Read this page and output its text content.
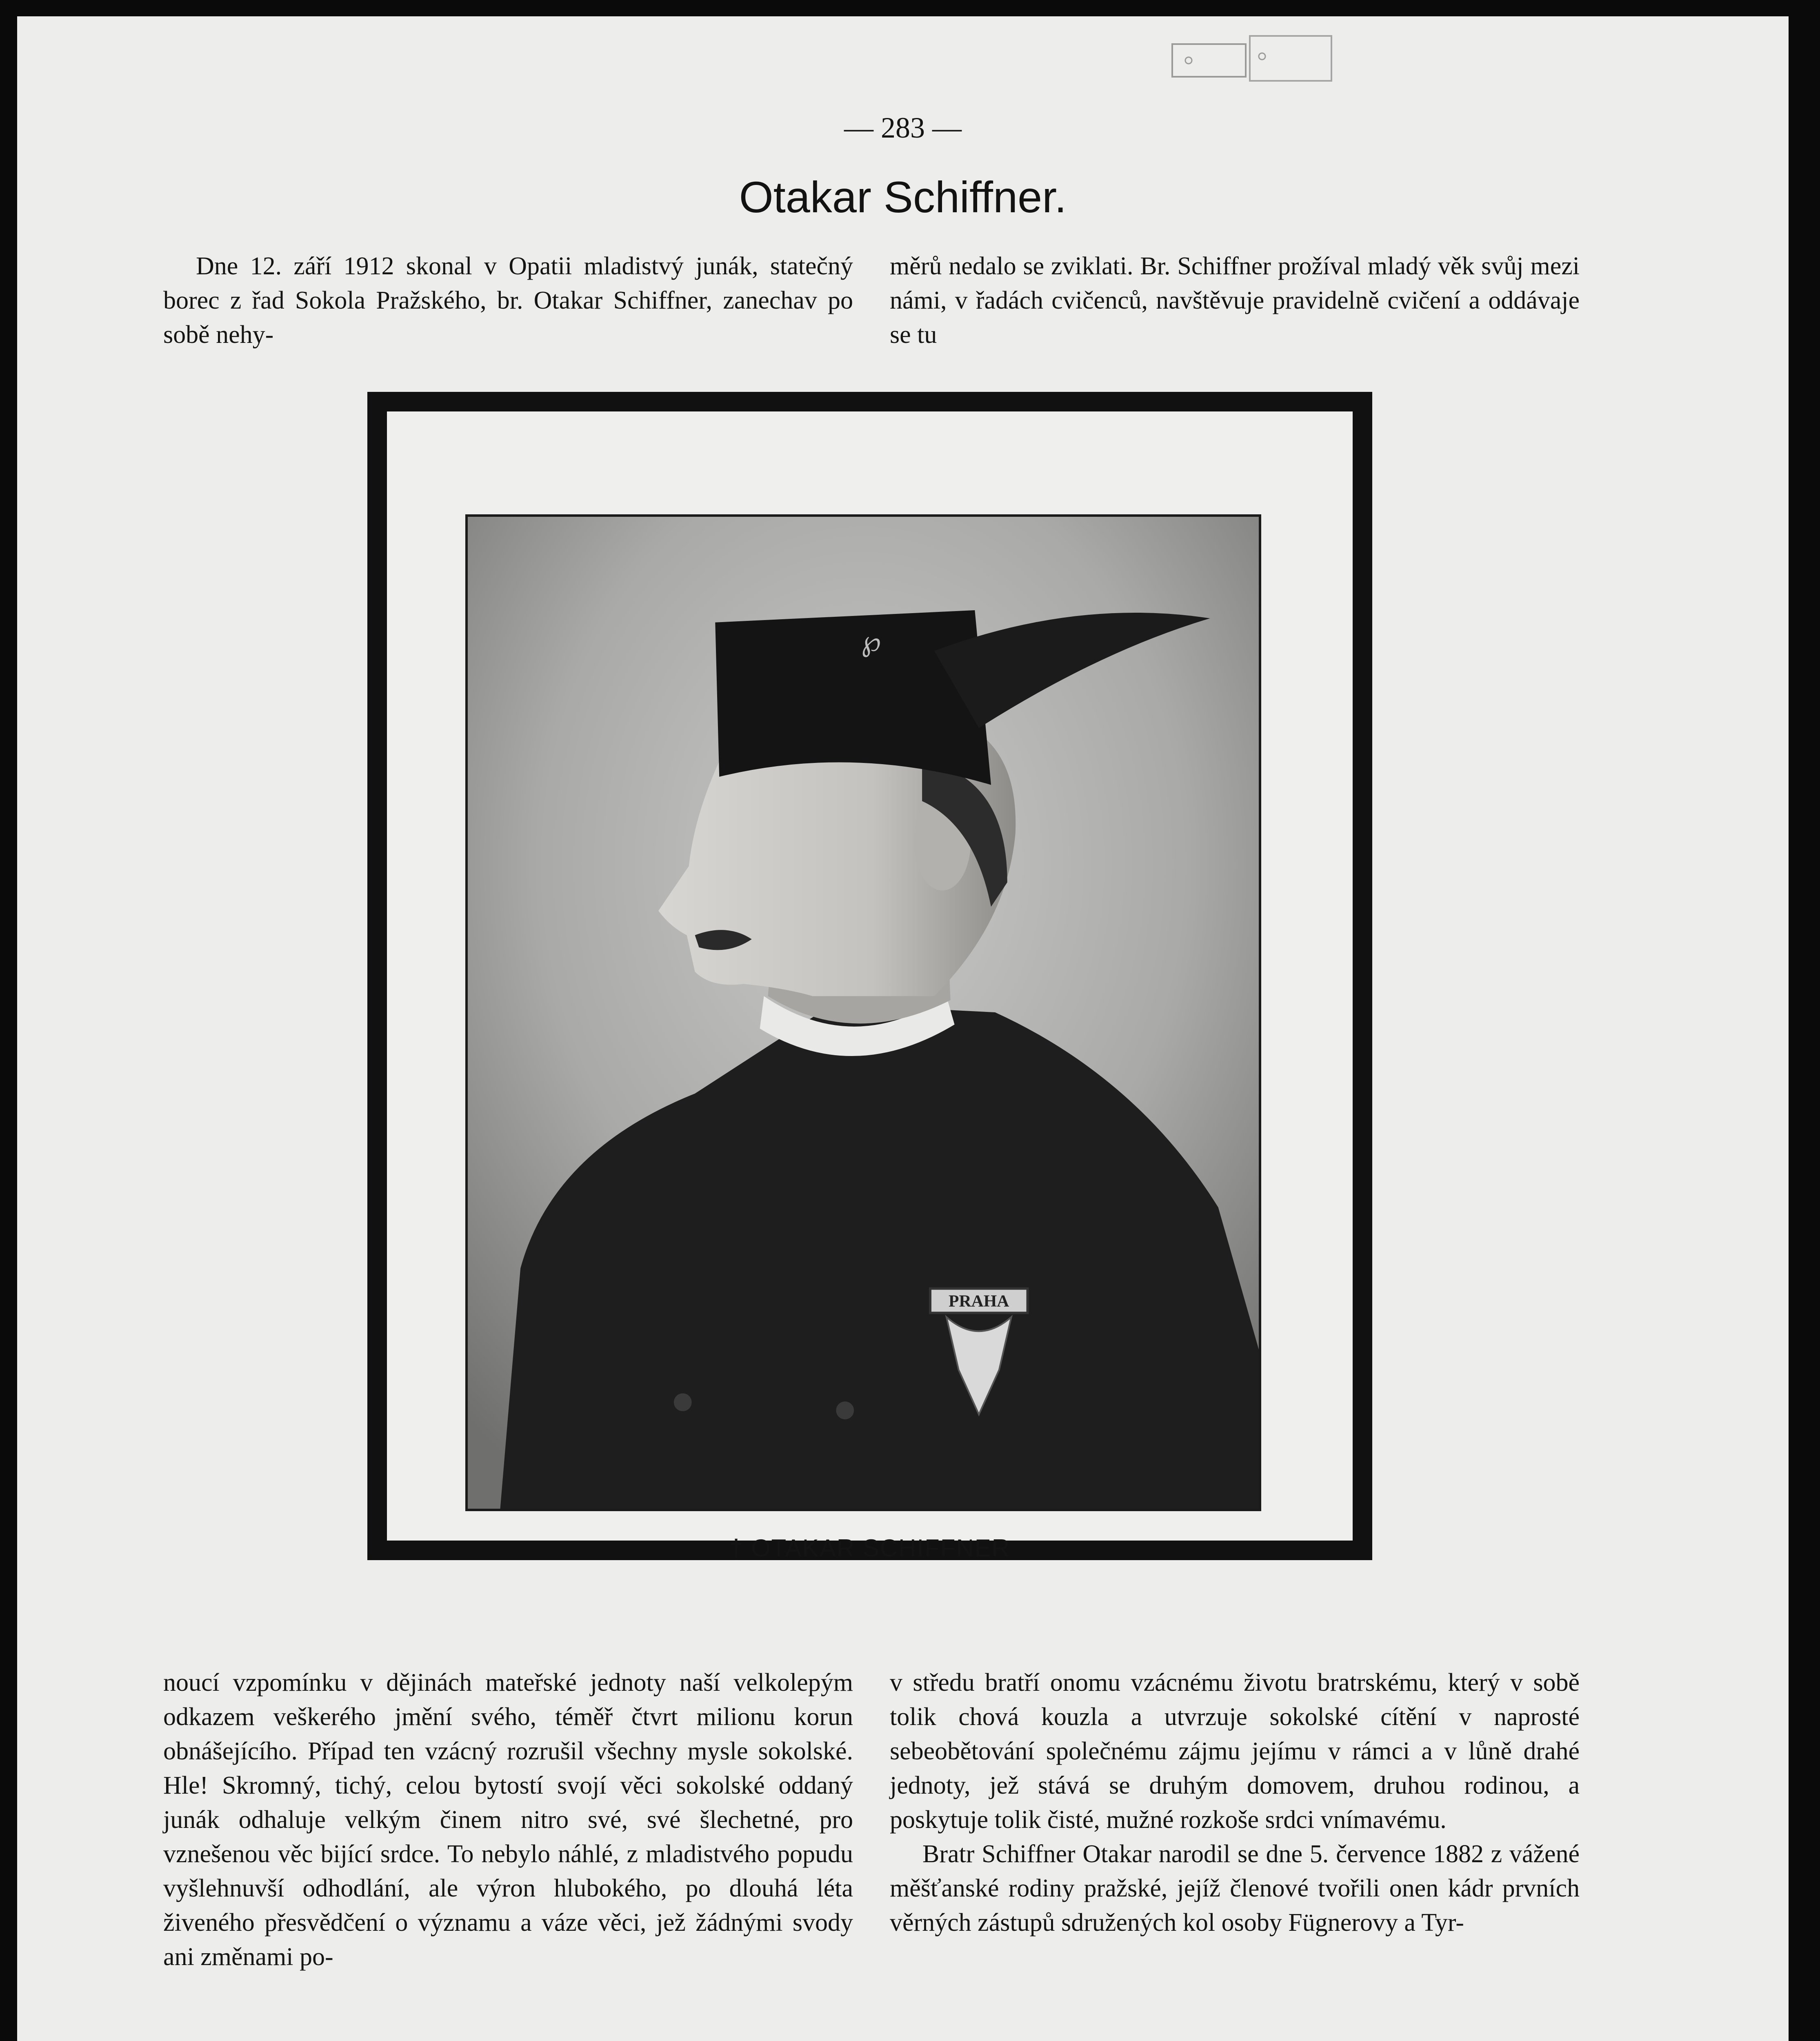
— 283 —
Otakar Schiffner.

Dne 12. září 1912 skonal v Opatii mladistvý junák, statečný borec z řad Sokola Pražského, br. Otakar Schiffner, zanechav po sobě nehy-

měrů nedalo se zviklati. Br. Schiffner prožíval mladý věk svůj mezi námi, v řadách cvičenců, navštěvuje pravidelně cvičení a oddávaje se tu

℘
PRAHA
† OTAKAR SCHIFFNER

noucí vzpomínku v dějinách mateřské jednoty naší velkolepým odkazem veškerého jmění svého, téměř čtvrt milionu korun obnášejícího. Případ ten vzácný rozrušil všechny mysle sokolské. Hle! Skromný, tichý, celou bytostí svojí věci sokolské oddaný junák odhaluje velkým činem nitro své, své šlechetné, pro vznešenou věc bijící srdce. To nebylo náhlé, z mladistvého popudu vyšlehnuvší odhodlání, ale výron hlubokého, po dlouhá léta živeného přesvědčení o významu a váze věci, jež žádnými svody ani změnami po-

v středu bratří onomu vzácnému životu bratrskému, který v sobě tolik chová kouzla a utvrzuje sokolské cítění v naprosté sebeobětování společnému zájmu jejímu v rámci a v lůně drahé jednoty, jež stává se druhým domovem, druhou rodinou, a poskytuje tolik čisté, mužné rozkoše srdci vnímavému.

Bratr Schiffner Otakar narodil se dne 5. července 1882 z vážené měšťanské rodiny pražské, jejíž členové tvořili onen kádr prvních věrných zástupů sdružených kol osoby Fügnerovy a Tyr-
